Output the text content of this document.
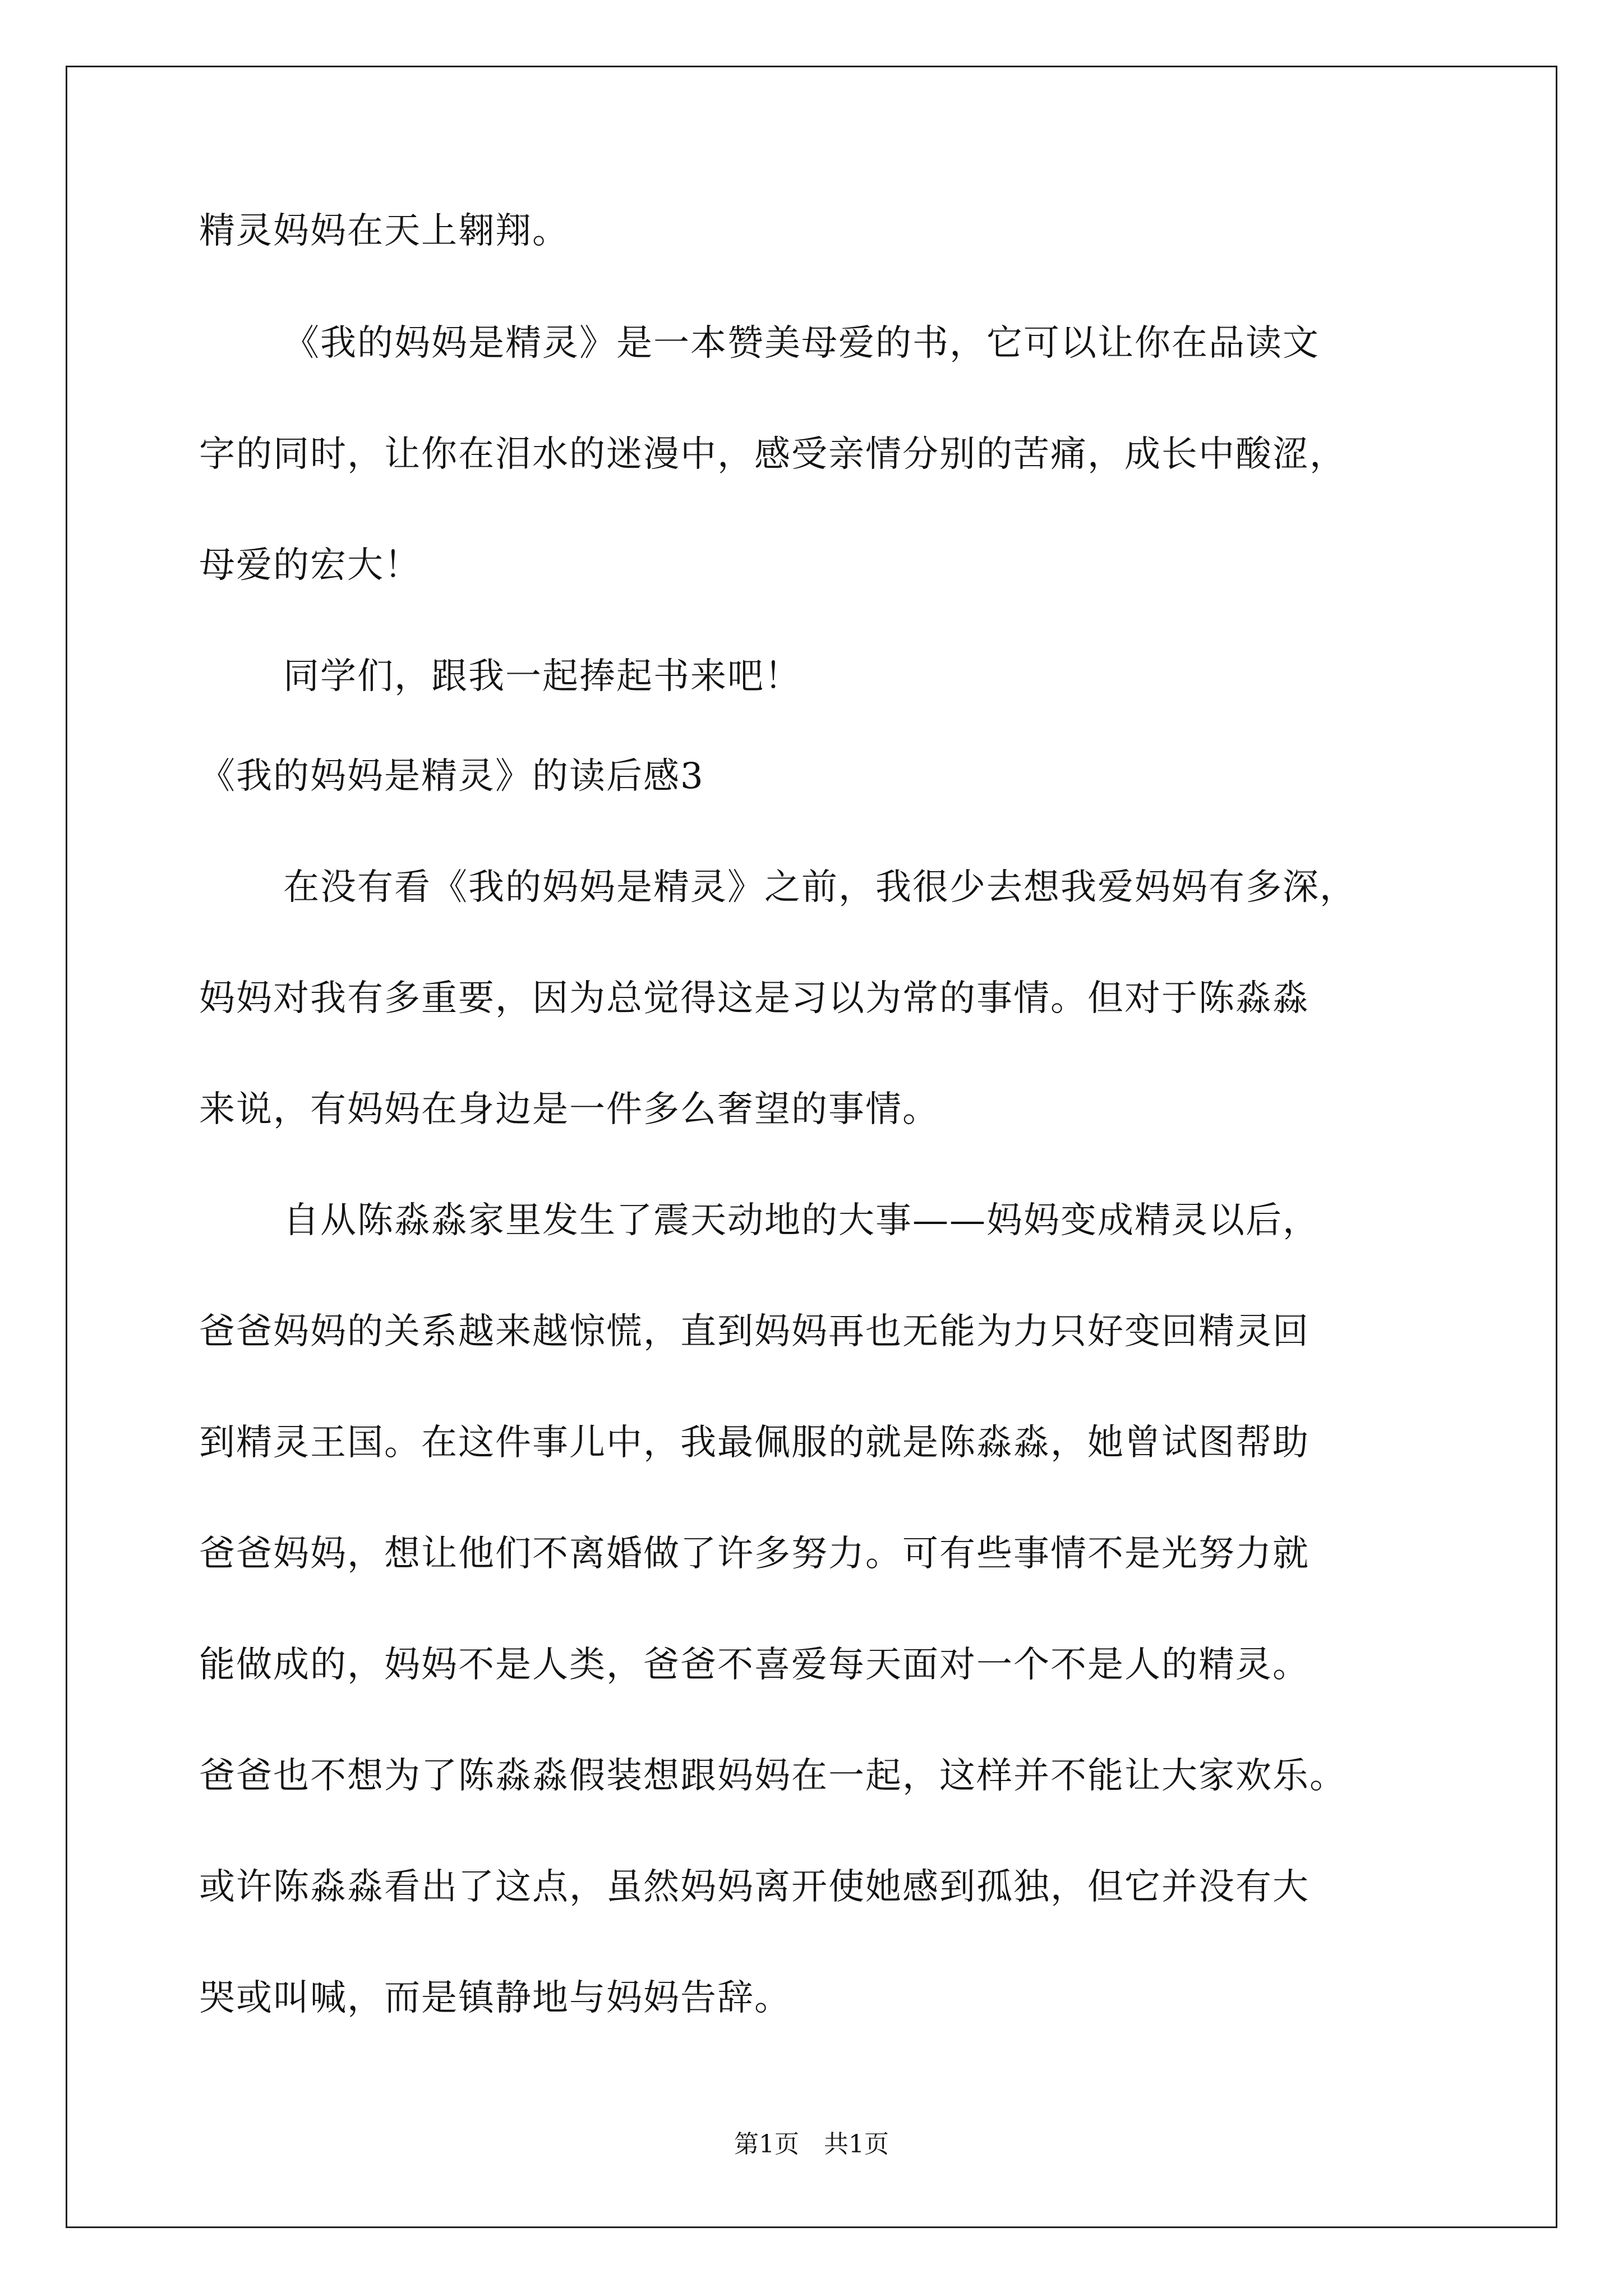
精灵妈妈在天上翱翔。
《我的妈妈是精灵》是一本赞美母爱的书，它可以让你在品读文
字的同时，让你在泪水的迷漫中，感受亲情分别的苦痛，成长中酸涩，
母爱的宏大！
同学们，跟我一起捧起书来吧！
《我的妈妈是精灵》的读后感3
在没有看《我的妈妈是精灵》之前，我很少去想我爱妈妈有多深，
妈妈对我有多重要，因为总觉得这是习以为常的事情。但对于陈淼淼
来说，有妈妈在身边是一件多么奢望的事情。
自从陈淼淼家里发生了震天动地的大事——妈妈变成精灵以后，
爸爸妈妈的关系越来越惊慌，直到妈妈再也无能为力只好变回精灵回
到精灵王国。在这件事儿中，我最佩服的就是陈淼淼，她曾试图帮助
爸爸妈妈，想让他们不离婚做了许多努力。可有些事情不是光努力就
能做成的，妈妈不是人类，爸爸不喜爱每天面对一个不是人的精灵。
爸爸也不想为了陈淼淼假装想跟妈妈在一起，这样并不能让大家欢乐。
或许陈淼淼看出了这点，虽然妈妈离开使她感到孤独，但它并没有大
哭或叫喊，而是镇静地与妈妈告辞。
第1页　共1页
